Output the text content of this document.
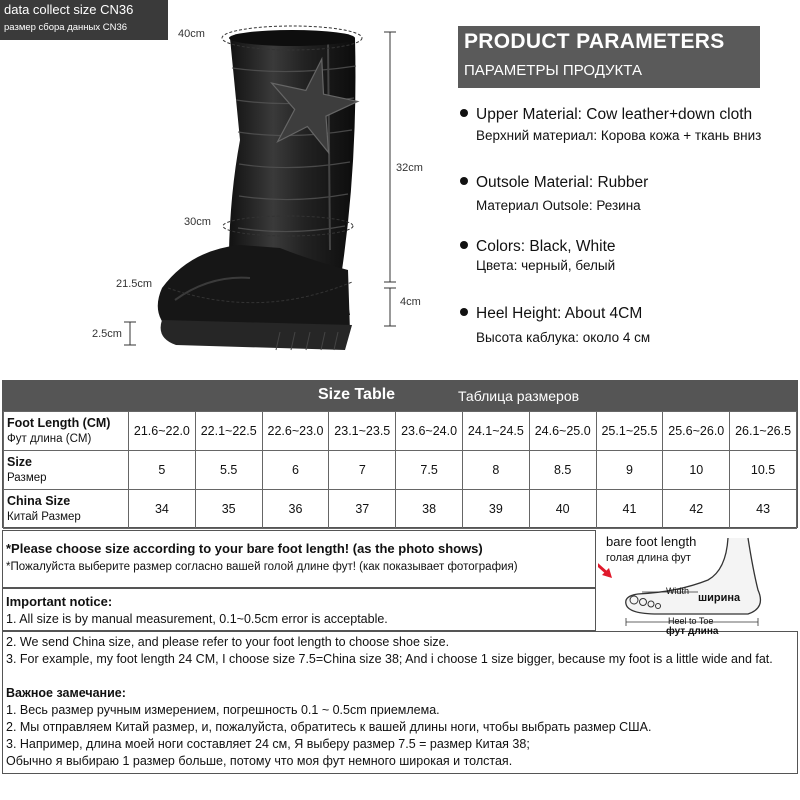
data collect size CN36
размер сбора данных CN36
40cm
32cm
30cm
21.5cm
4cm
2.5cm
PRODUCT PARAMETERS
ПАРАМЕТРЫ ПРОДУКТА
Upper Material: Cow leather+down cloth
Верхний материал: Корова кожа + ткань вниз
Outsole Material: Rubber
Материал Outsole: Резина
Colors: Black, White
Цвета: черный, белый
Heel Height: About 4CM
Высота каблука: около 4 см
Size Table	Таблица размеров
Foot Length (CM)
Фут длина (CM)	21.6~22.0	22.1~22.5	22.6~23.0	23.1~23.5	23.6~24.0	24.1~24.5	24.6~25.0	25.1~25.5	25.6~26.0	26.1~26.5
Size
Размер	5	5.5	6	7	7.5	8	8.5	9	10	10.5
China Size
Китай Размер	34	35	36	37	38	39	40	41	42	43
*Please choose size according to your bare foot length! (as the photo shows)
*Пожалуйста выберите размер согласно вашей голой длине фут! (как показывает фотография)
Important notice:
1. All size is by manual measurement, 0.1~0.5cm error is acceptable.
2. We send China size, and please refer to your foot length to choose shoe size.
3. For example, my foot length 24 CM, I choose size 7.5=China size 38; And i choose 1 size bigger, because my foot is a little wide and fat.
Важное замечание:
1. Весь размер ручным измерением, погрешность 0.1 ~ 0.5cm приемлема.
2. Мы отправляем Китай размер, и, пожалуйста, обратитесь к вашей длины ноги, чтобы выбрать размер США.
3. Например, длина моей ноги составляет 24 см, Я выберу размер 7.5 = размер Китая 38;
Обычно я выбираю 1 размер больше, потому что моя фут немного широкая и толстая.
bare foot length
голая длина фут
Width
ширина
Heel to Toe
фут длина
